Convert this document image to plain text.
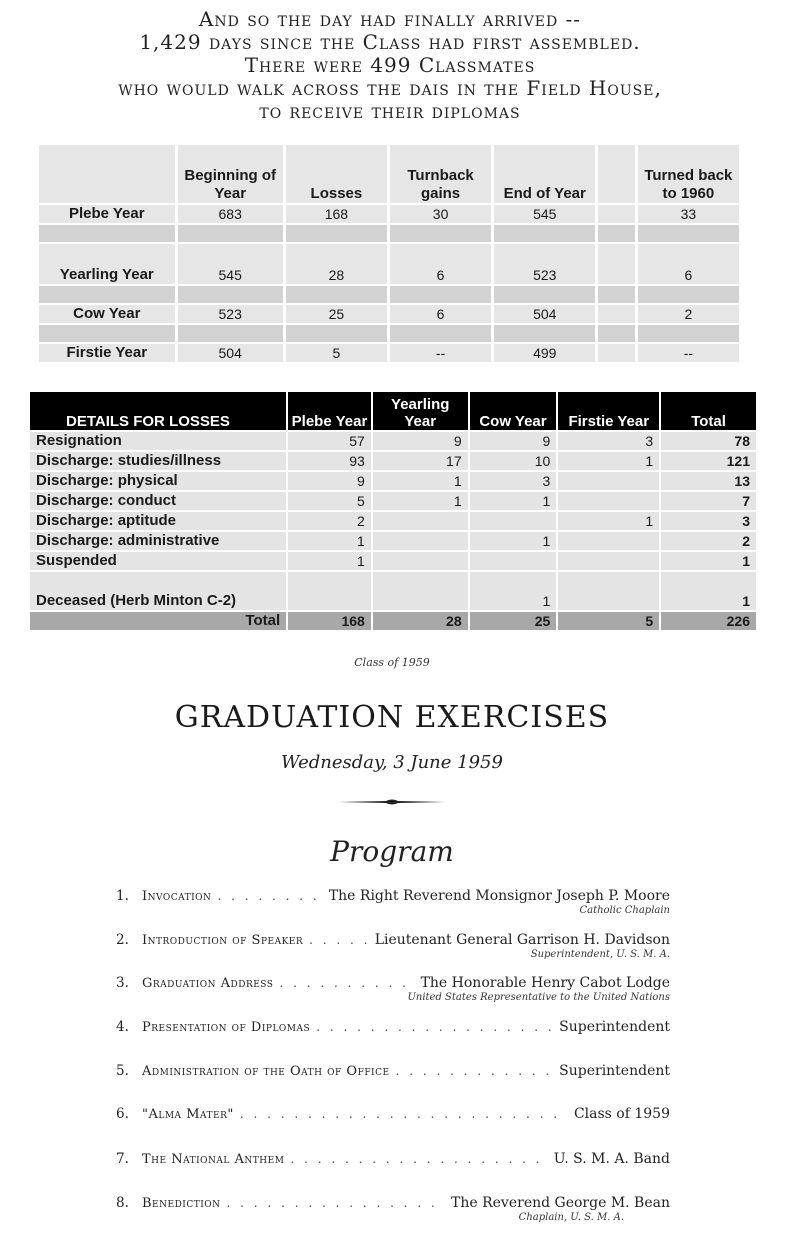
And so the day had finally arrived --
1,429 days since the Class had first assembled.
There were 499 Classmates
who would walk across the dais in the Field House,
to receive their diplomas
	Beginning of Year	Losses	Turnback gains	End of Year		Turned back to 1960
Plebe Year	683	168	30	545		33

Yearling Year	545	28	6	523		6

Cow Year	523	25	6	504		2

Firstie Year	504	5	--	499		--
DETAILS FOR LOSSES	Plebe Year	Yearling Year	Cow Year	Firstie Year	Total
Resignation	57	9	9	3	78
Discharge: studies/illness	93	17	10	1	121
Discharge: physical	9	1	3		13
Discharge: conduct	5	1	1		7
Discharge: aptitude	2			1	3
Discharge: administrative	1		1		2
Suspended	1				1
Deceased (Herb Minton C-2)			1		1
Total	168	28	25	5	226
Class of 1959
GRADUATION EXERCISES
Wednesday, 3 June 1959
Program
1.	Invocation . . .	The Right Reverend Monsignor Joseph P. Moore
Catholic Chaplain
2.	Introduction of Speaker . . .	Lieutenant General Garrison H. Davidson
Superintendent, U. S. M. A.
3.	Graduation Address . . .	The Honorable Henry Cabot Lodge
United States Representative to the United Nations
4.	Presentation of Diplomas . . .	Superintendent
5.	Administration of the Oath of Office . . .	Superintendent
6.	"Alma Mater" . . .	Class of 1959
7.	The National Anthem . . .	U. S. M. A. Band
8.	Benediction . . .	The Reverend George M. Bean
Chaplain, U. S. M. A.
